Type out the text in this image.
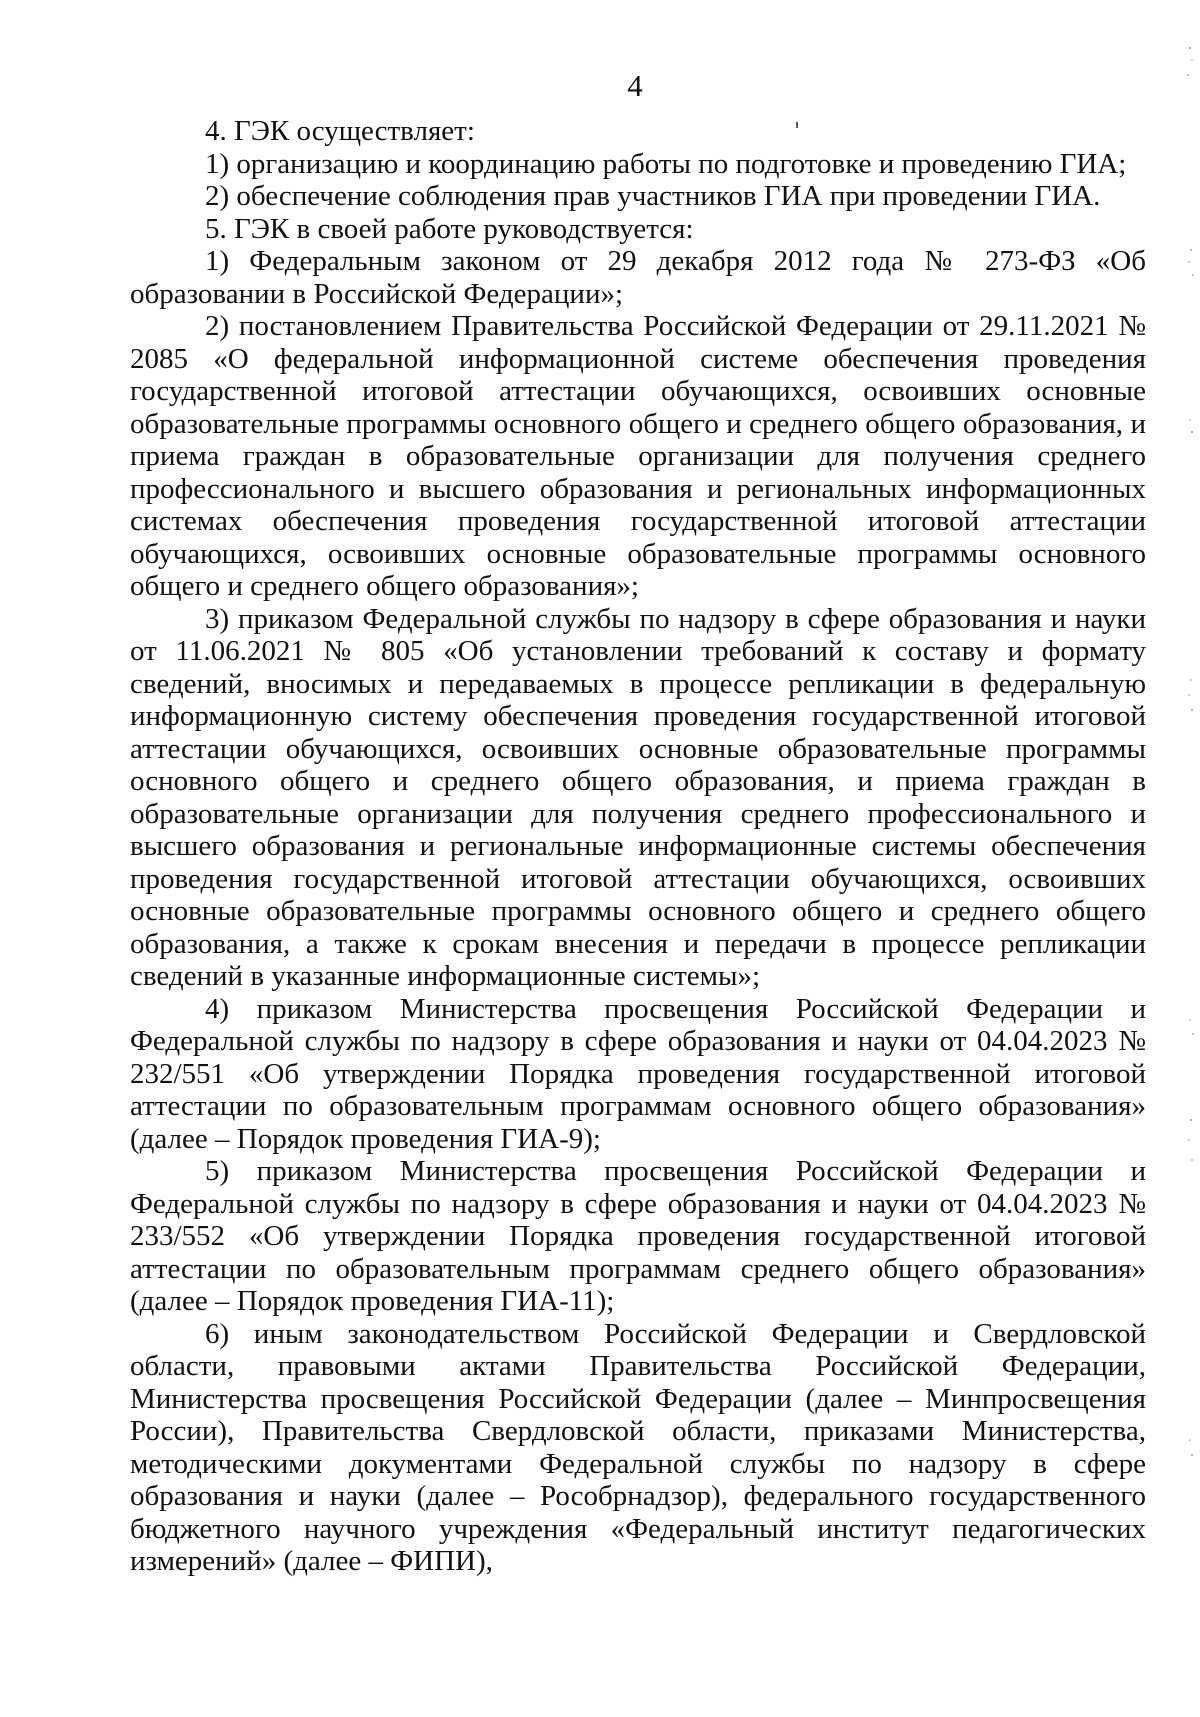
4

4. ГЭК осуществляет:

1) организацию и координацию работы по подготовке и проведению ГИА;

2) обеспечение соблюдения прав участников ГИА при проведении ГИА.

5. ГЭК в своей работе руководствуется:

1) Федеральным законом от 29 декабря 2012 года № 273-ФЗ «Об образовании в Российской Федерации»;

2) постановлением Правительства Российской Федерации от 29.11.2021 № 2085 «О федеральной информационной системе обеспечения проведения государственной итоговой аттестации обучающихся, освоивших основные образовательные программы основного общего и среднего общего образования, и приема граждан в образовательные организации для получения среднего профессионального и высшего образования и региональных информационных системах обеспечения проведения государственной итоговой аттестации обучающихся, освоивших основные образовательные программы основного общего и среднего общего образования»;

3) приказом Федеральной службы по надзору в сфере образования и науки от 11.06.2021 № 805 «Об установлении требований к составу и формату сведений, вносимых и передаваемых в процессе репликации в федеральную информационную систему обеспечения проведения государственной итоговой аттестации обучающихся, освоивших основные образовательные программы основного общего и среднего общего образования, и приема граждан в образовательные организации для получения среднего профессионального и высшего образования и региональные информационные системы обеспечения проведения государственной итоговой аттестации обучающихся, освоивших основные образовательные программы основного общего и среднего общего образования, а также к срокам внесения и передачи в процессе репликации сведений в указанные информационные системы»;

4) приказом Министерства просвещения Российской Федерации и Федеральной службы по надзору в сфере образования и науки от 04.04.2023 № 232/551 «Об утверждении Порядка проведения государственной итоговой аттестации по образовательным программам основного общего образования» (далее – Порядок проведения ГИА-9);

5) приказом Министерства просвещения Российской Федерации и Федеральной службы по надзору в сфере образования и науки от 04.04.2023 № 233/552 «Об утверждении Порядка проведения государственной итоговой аттестации по образовательным программам среднего общего образования» (далее – Порядок проведения ГИА-11);

6) иным законодательством Российской Федерации и Свердловской области, правовыми актами Правительства Российской Федерации, Министерства просвещения Российской Федерации (далее – Минпросвещения России), Правительства Свердловской области, приказами Министерства, методическими документами Федеральной службы по надзору в сфере образования и науки (далее – Рособрнадзор), федерального государственного бюджетного научного учреждения «Федеральный институт педагогических измерений» (далее – ФИПИ),
